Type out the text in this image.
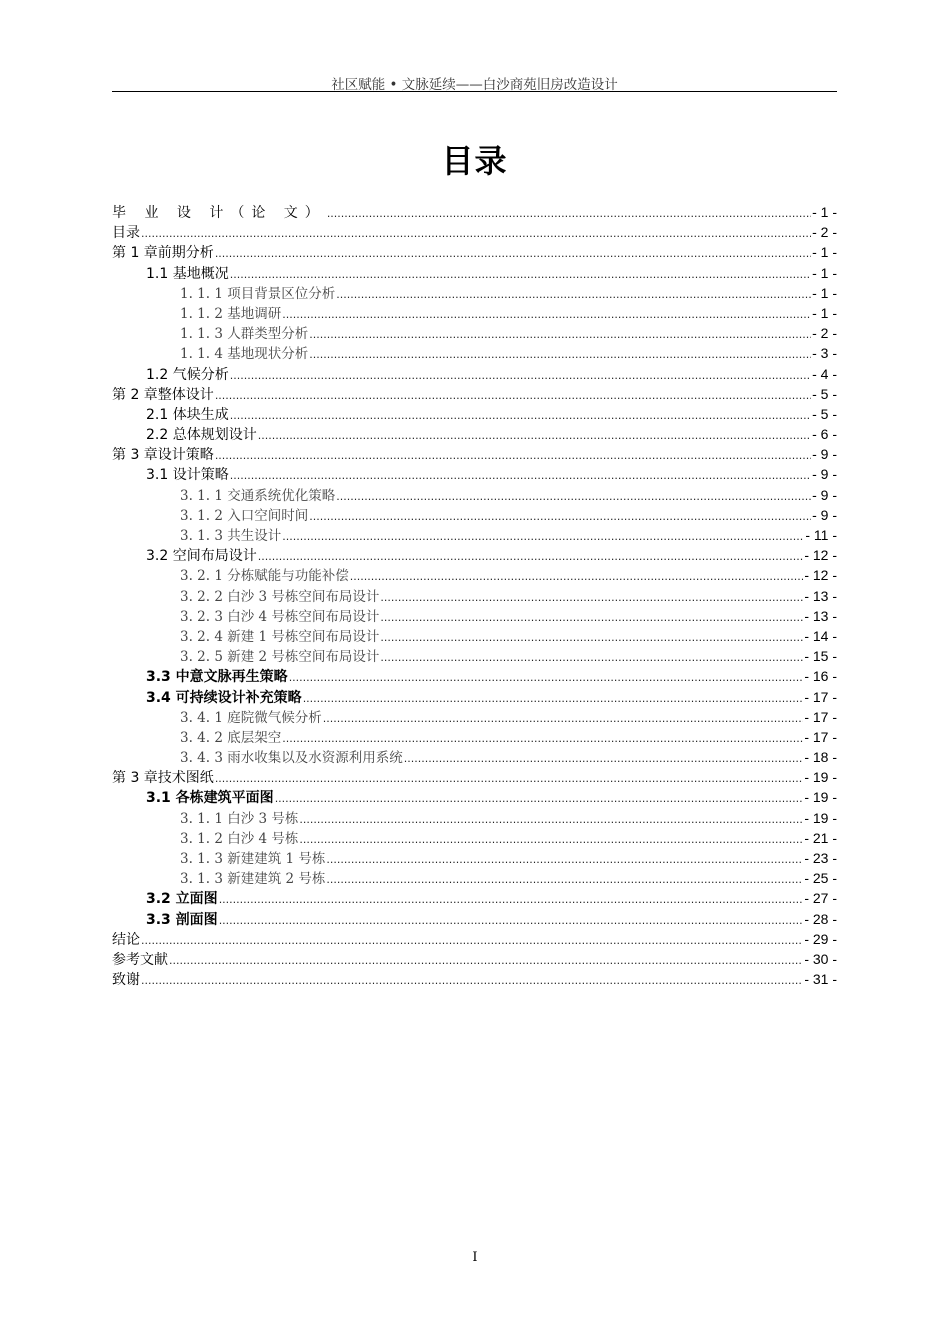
社区赋能 • 文脉延续——白沙商苑旧房改造设计
目录
毕 业 设 计（论 文） .....	- 1 -
目录 .....	- 2 -
第 1 章前期分析 .....	- 1 -
1.1 基地概况 .....	- 1 -
1. 1. 1 项目背景区位分析 .....	- 1 -
1. 1. 2 基地调研 .....	- 1 -
1. 1. 3 人群类型分析 .....	- 2 -
1. 1. 4 基地现状分析 .....	- 3 -
1.2 气候分析 .....	- 4 -
第 2 章整体设计 .....	- 5 -
2.1 体块生成 .....	- 5 -
2.2 总体规划设计 .....	- 6 -
第 3 章设计策略 .....	- 9 -
3.1 设计策略 .....	- 9 -
3. 1. 1 交通系统优化策略 .....	- 9 -
3. 1. 2 入口空间时间 .....	- 9 -
3. 1. 3 共生设计 .....	- 11 -
3.2 空间布局设计 .....	- 12 -
3. 2. 1 分栋赋能与功能补偿 .....	- 12 -
3. 2. 2 白沙 3 号栋空间布局设计 .....	- 13 -
3. 2. 3 白沙 4 号栋空间布局设计 .....	- 13 -
3. 2. 4 新建 1 号栋空间布局设计 .....	- 14 -
3. 2. 5 新建 2 号栋空间布局设计 .....	- 15 -
3.3 中意文脉再生策略 .....	- 16 -
3.4 可持续设计补充策略 .....	- 17 -
3. 4. 1 庭院微气候分析 .....	- 17 -
3. 4. 2 底层架空 .....	- 17 -
3. 4. 3 雨水收集以及水资源利用系统 .....	- 18 -
第 3 章技术图纸 .....	- 19 -
3.1 各栋建筑平面图 .....	- 19 -
3. 1. 1 白沙 3 号栋 .....	- 19 -
3. 1. 2 白沙 4 号栋 .....	- 21 -
3. 1. 3 新建建筑 1 号栋 .....	- 23 -
3. 1. 3 新建建筑 2 号栋 .....	- 25 -
3.2 立面图 .....	- 27 -
3.3 剖面图 .....	- 28 -
结论 .....	- 29 -
参考文献 .....	- 30 -
致谢 .....	- 31 -
I
